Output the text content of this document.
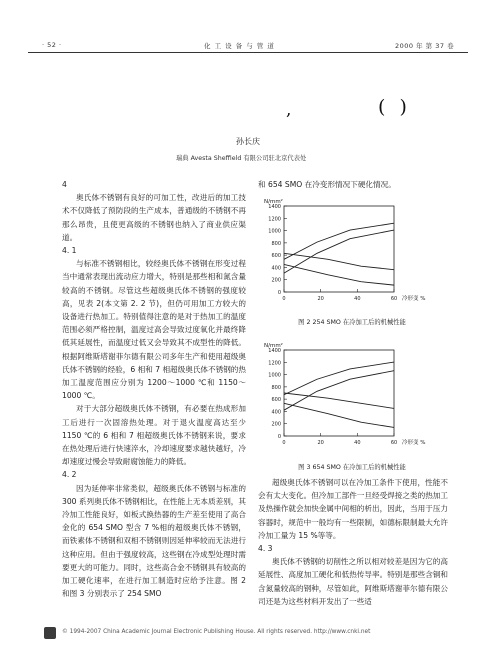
· 52 ·	化 工 设 备 与 管 道	2000 年 第 37 卷
,	( )
孙长庆
瑞典 Avesta Sheffield 有限公司驻北京代表处

4

奥氏体不锈钢有良好的可加工性，改进后的加工技术不仅降低了预防段的生产成本，普通级的不锈钢不再那么昂贵，且使更高级的不锈钢也纳入了商业供应渠道。

4. 1

与标准不锈钢相比，较经奥氏体不锈钢在形变过程当中通常表现出流动应力增大，特别是那些相和氮含量较高的不锈钢。尽管这些超级奥氏体不锈钢的强度较高，见表 2(本文第 2. 2 节)，但仍可用加工方较大的设备进行热加工。特别值得注意的是对于热加工的温度范围必须严格控制，温度过高会导致过度氧化并最终降低其延展性，而温度过低又会导致其不成型性的降低。根据阿维斯塔谢菲尔德有限公司多年生产和使用超级奥氏体不锈钢的经验，6 相和 7 相超级奥氏体不锈钢的热加工温度范围应分别为 1200～1000 ℃和 1150～1000 ℃。

对于大部分超级奥氏体不锈钢，有必要在热成形加工后进行一次固溶热处理。对于退火温度高达至少 1150 ℃的 6 相和 7 相超级奥氏体不锈钢来说，要求在热处理后进行快速淬水，冷却速度要求越快越好，冷却速度过慢会导致耐腐蚀能力的降低。

4. 2

因为延伸率非常类似，超级奥氏体不锈钢与标准的 300 系列奥氏体不锈钢相比，在性能上无本质差别，其冷加工性能良好，如板式换热器的生产差至使用了高合金化的 654 SMO 型含 7 %相的超级奥氏体不锈钢，而铁素体不锈钢和双相不锈钢则因延伸率较而无法进行这种应用。但由于强度较高，这些钢在冷成型处理时需要更大的可能力。同时，这些高合金不锈钢具有较高的加工硬化速率，在进行加工制造时应给予注意。图 2 和图 3 分别表示了 254 SMO

和 654 SMO 在冷变形情况下硬化情况。

N/mm²
1400
1200
1000
800
600
400
200
0
0	20	40	60 冷形变 %
图 2 254 SMO 在冷加工后的机械性能
N/mm²
1400
1200
1000
800
600
400
200
0
0	20	40	60 冷形变 %
图 3 654 SMO 在冷加工后的机械性能

超级奥氏体不锈钢可以在冷加工条件下使用，性能不会有太大变化。但冷加工部件一旦经受焊接之类的热加工及热操作就会加快金属中间相的析出，因此，当用于压力容器时，规范中一般均有一些限制，如德标限制最大允许冷加工量为 15 %等等。

4. 3

奥氏体不锈钢的切削性之所以相对较差是因为它的高延展性、高度加工硬化和低热传导率。特别是那些含铜和含氮量较高的钢种，尽管如此，阿维斯塔谢菲尔德有限公司还是为这些材料开发出了一些适

© 1994-2007 China Academic Journal Electronic Publishing House. All rights reserved. http://www.cnki.net
